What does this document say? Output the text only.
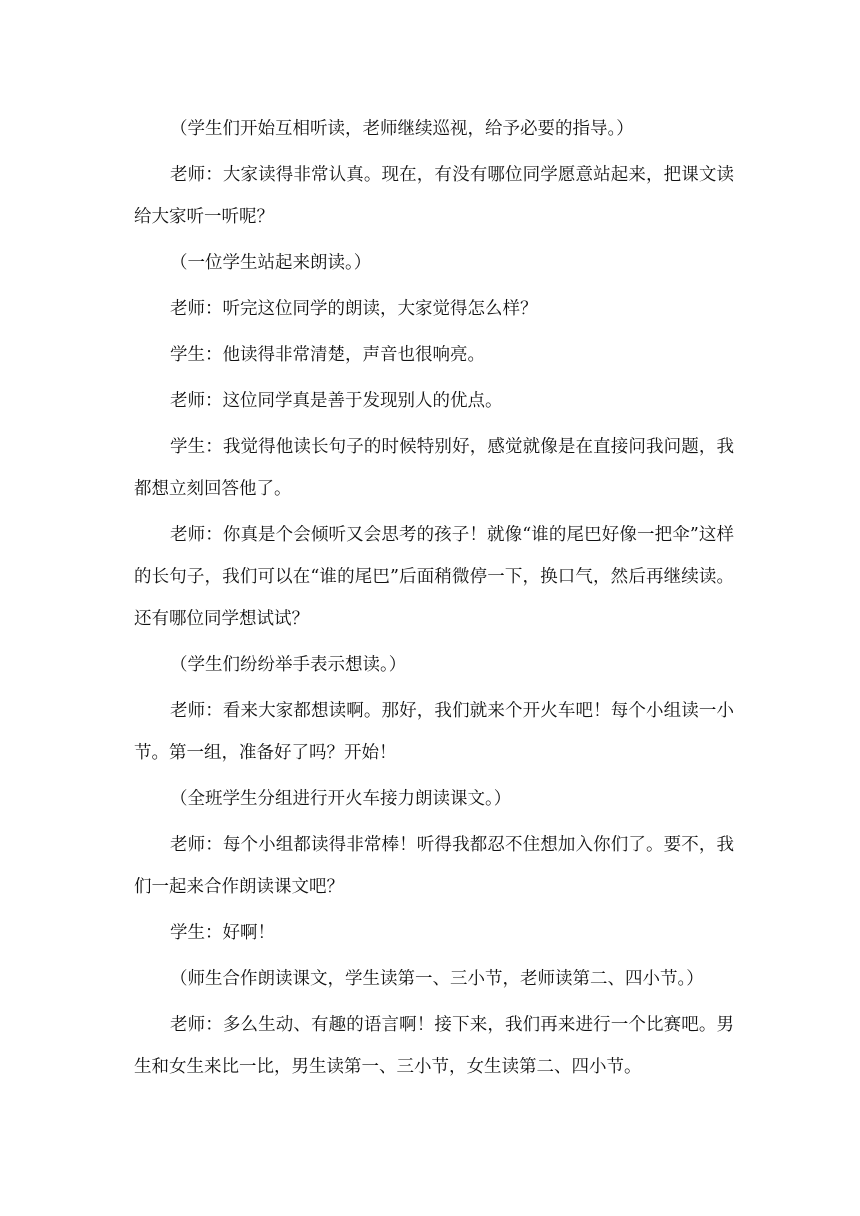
（学生们开始互相听读，老师继续巡视，给予必要的指导。）

老师：大家读得非常认真。现在，有没有哪位同学愿意站起来，把课文读给大家听一听呢？

（一位学生站起来朗读。）

老师：听完这位同学的朗读，大家觉得怎么样？

学生：他读得非常清楚，声音也很响亮。

老师：这位同学真是善于发现别人的优点。

学生：我觉得他读长句子的时候特别好，感觉就像是在直接问我问题，我都想立刻回答他了。

老师：你真是个会倾听又会思考的孩子！就像“谁的尾巴好像一把伞”这样的长句子，我们可以在“谁的尾巴”后面稍微停一下，换口气，然后再继续读。还有哪位同学想试试？

（学生们纷纷举手表示想读。）

老师：看来大家都想读啊。那好，我们就来个开火车吧！每个小组读一小节。第一组，准备好了吗？开始！

（全班学生分组进行开火车接力朗读课文。）

老师：每个小组都读得非常棒！听得我都忍不住想加入你们了。要不，我们一起来合作朗读课文吧？

学生：好啊！

（师生合作朗读课文，学生读第一、三小节，老师读第二、四小节。）

老师：多么生动、有趣的语言啊！接下来，我们再来进行一个比赛吧。男生和女生来比一比，男生读第一、三小节，女生读第二、四小节。
